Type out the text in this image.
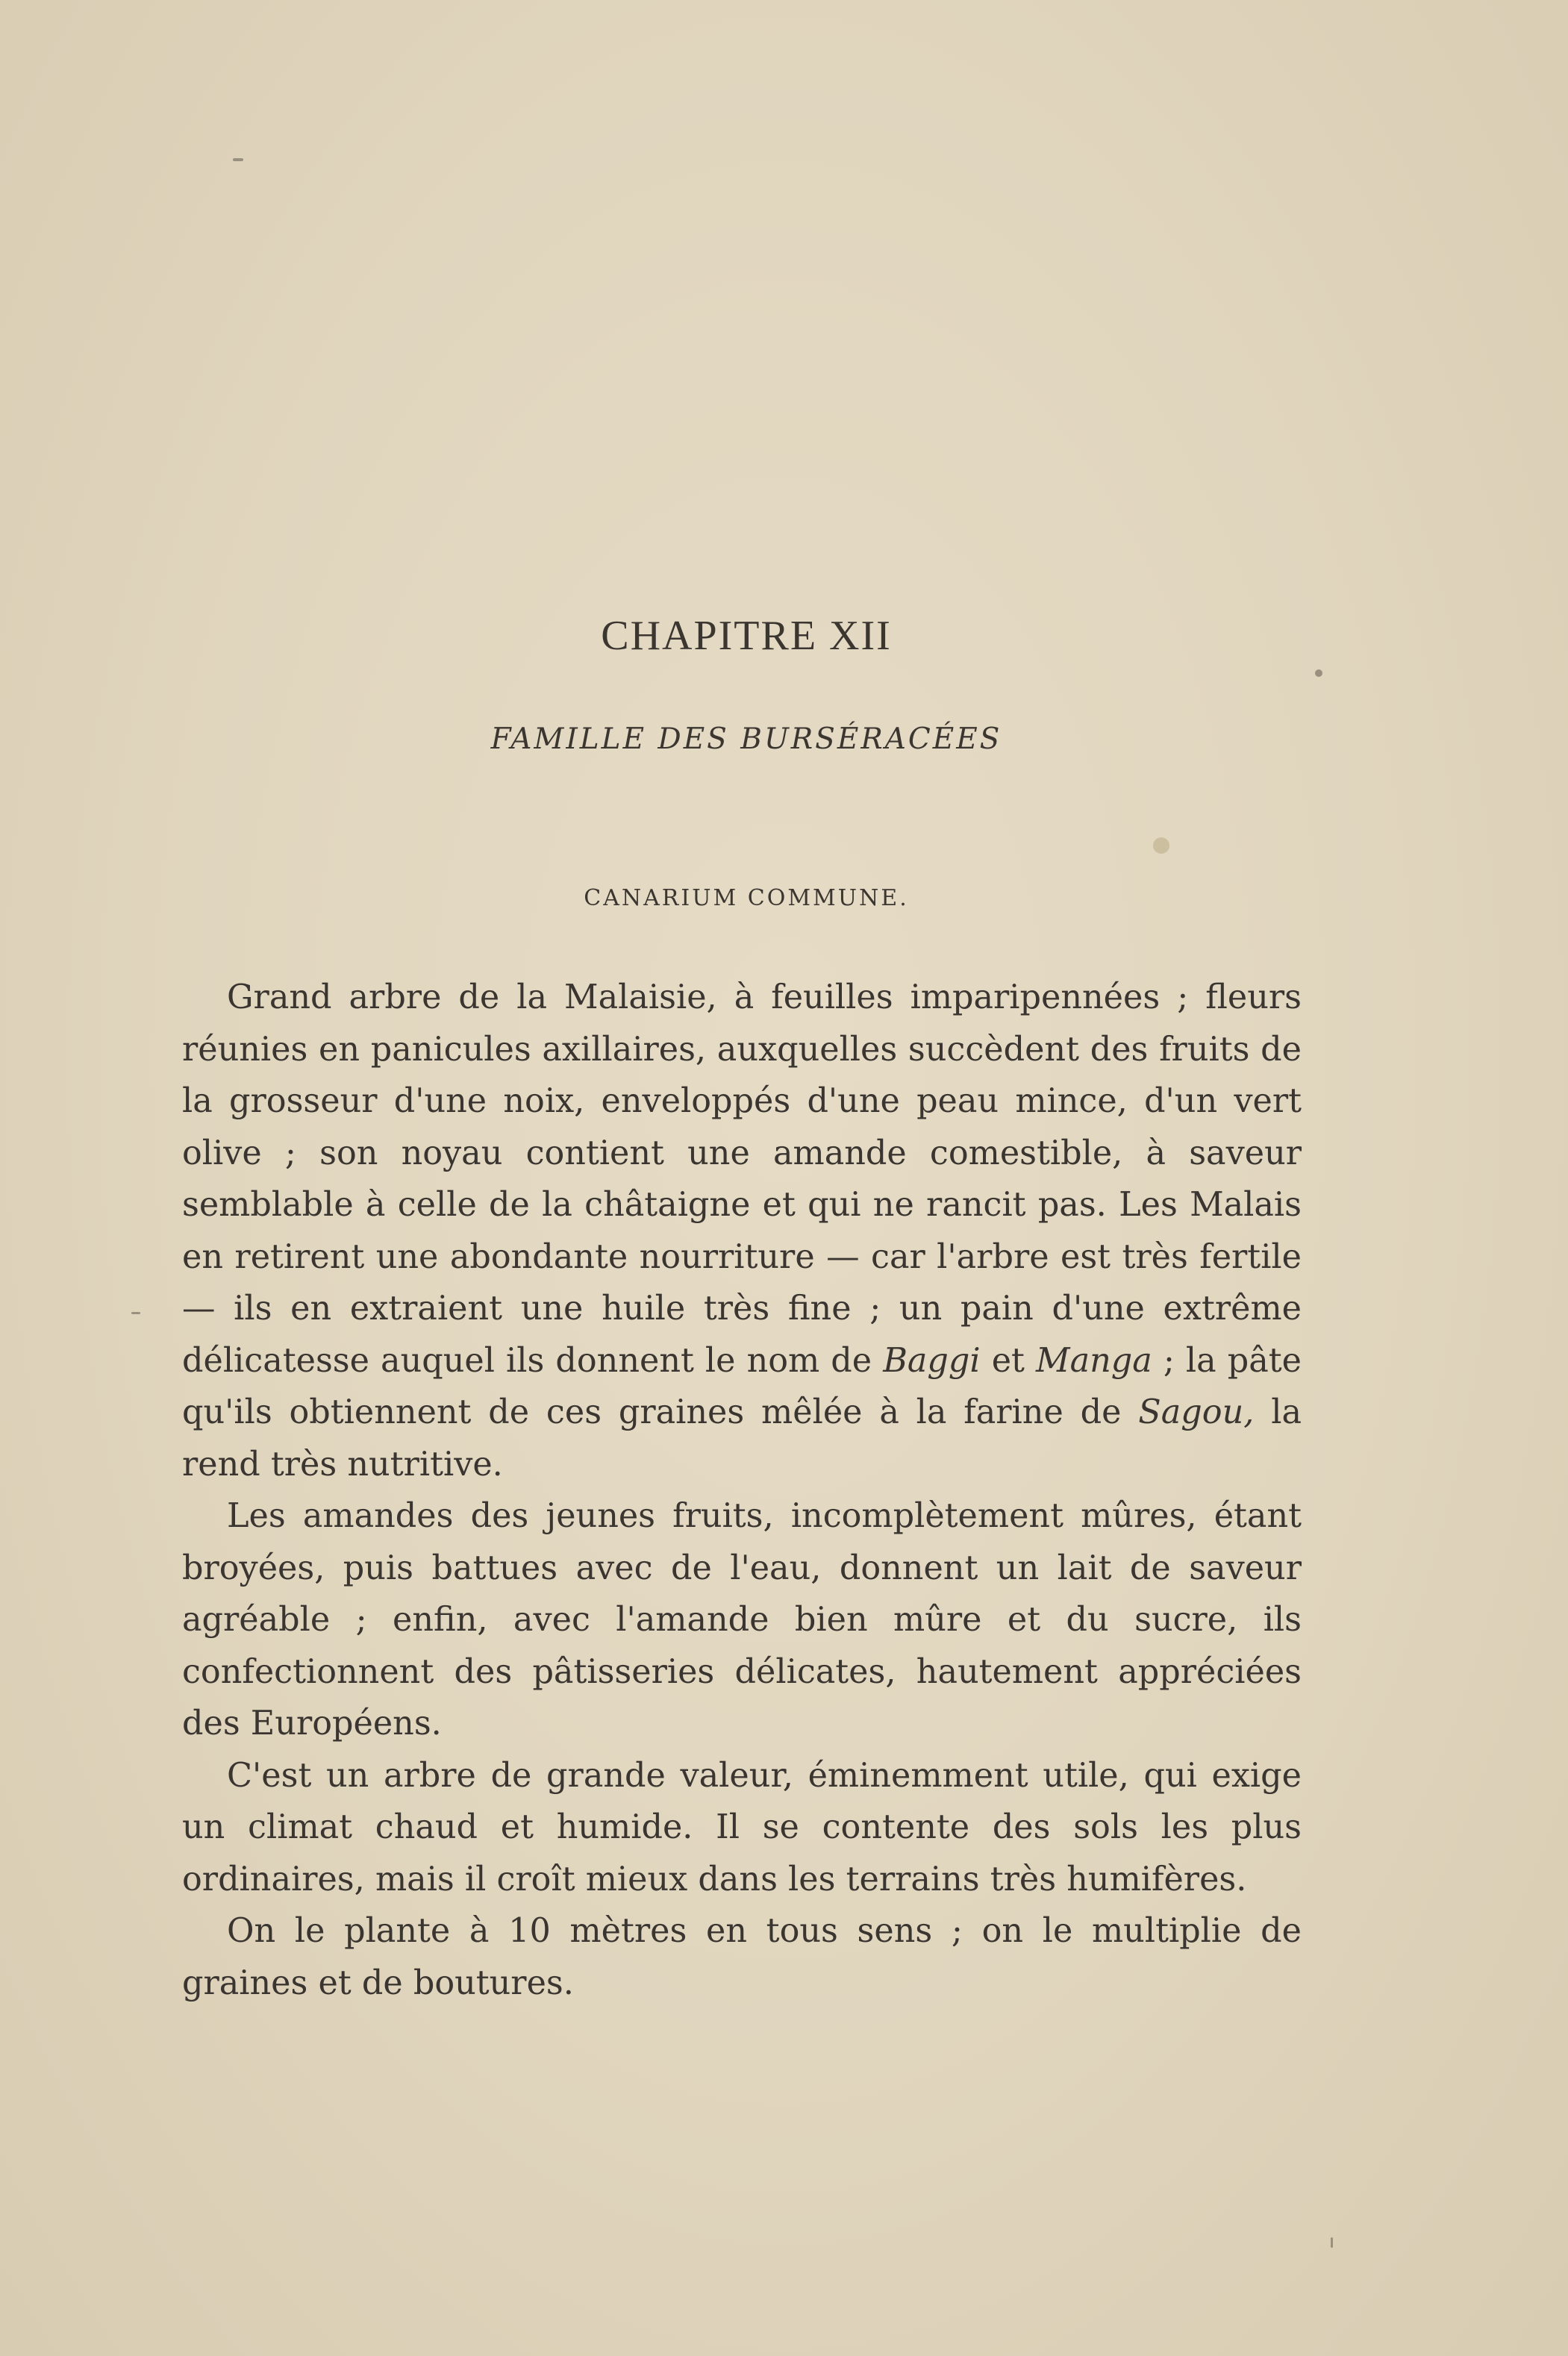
CHAPITRE XII
FAMILLE DES BURSÉRACÉES
CANARIUM COMMUNE.

Grand arbre de la Malaisie, à feuilles imparipennées ; fleurs réunies en panicules axillaires, auxquelles succèdent des fruits de la grosseur d'une noix, enveloppés d'une peau mince, d'un vert olive ; son noyau contient une amande comestible, à saveur semblable à celle de la châtaigne et qui ne rancit pas. Les Malais en retirent une abondante nourriture — car l'arbre est très fertile — ils en extraient une huile très fine ; un pain d'une extrême délicatesse auquel ils donnent le nom de Baggi et Manga ; la pâte qu'ils obtiennent de ces graines mêlée à la farine de Sagou, la rend très nutritive.

Les amandes des jeunes fruits, incomplètement mûres, étant broyées, puis battues avec de l'eau, donnent un lait de saveur agréable ; enfin, avec l'amande bien mûre et du sucre, ils confectionnent des pâtisseries délicates, hautement appréciées des Européens.

C'est un arbre de grande valeur, éminemment utile, qui exige un climat chaud et humide. Il se contente des sols les plus ordinaires, mais il croît mieux dans les terrains très humifères.

On le plante à 10 mètres en tous sens ; on le multiplie de graines et de boutures.
